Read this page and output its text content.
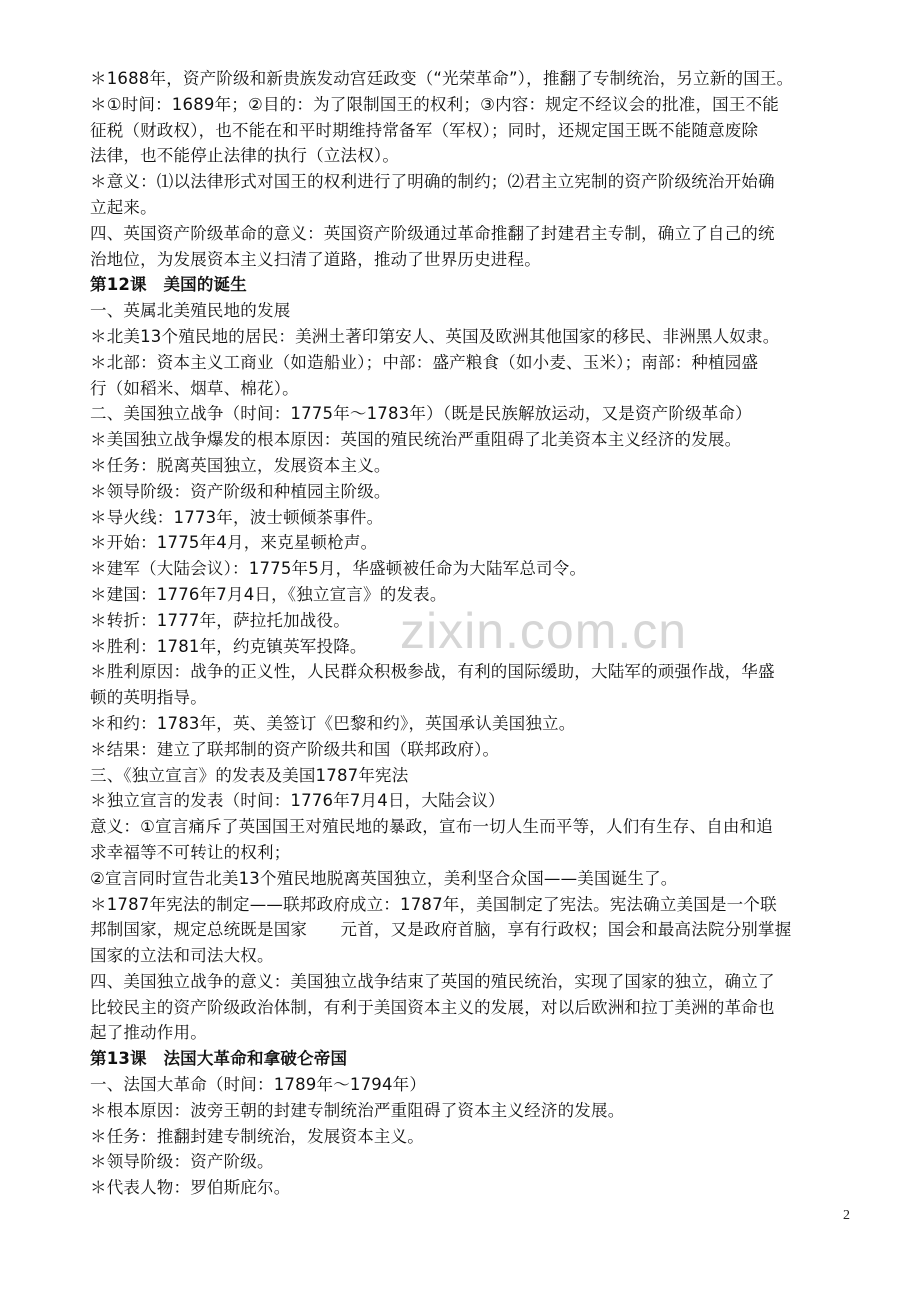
＊1688年，资产阶级和新贵族发动宫廷政变（“光荣革命”），推翻了专制统治，另立新的国王。
＊①时间：1689年；②目的：为了限制国王的权利；③内容：规定不经议会的批准，国王不能
征税（财政权），也不能在和平时期维持常备军（军权）；同时，还规定国王既不能随意废除
法律，也不能停止法律的执行（立法权）。
＊意义：⑴以法律形式对国王的权利进行了明确的制约；⑵君主立宪制的资产阶级统治开始确
立起来。
四、英国资产阶级革命的意义：英国资产阶级通过革命推翻了封建君主专制，确立了自己的统
治地位，为发展资本主义扫清了道路，推动了世界历史进程。
第12课　美国的诞生
一、英属北美殖民地的发展
＊北美13个殖民地的居民：美洲土著印第安人、英国及欧洲其他国家的移民、非洲黑人奴隶。
＊北部：资本主义工商业（如造船业）；中部：盛产粮食（如小麦、玉米）；南部：种植园盛
行（如稻米、烟草、棉花）。
二、美国独立战争（时间：1775年～1783年）（既是民族解放运动，又是资产阶级革命）
＊美国独立战争爆发的根本原因：英国的殖民统治严重阻碍了北美资本主义经济的发展。
＊任务：脱离英国独立，发展资本主义。
＊领导阶级：资产阶级和种植园主阶级。
＊导火线：1773年，波士顿倾茶事件。
＊开始：1775年4月，来克星顿枪声。
＊建军（大陆会议）：1775年5月，华盛顿被任命为大陆军总司令。
＊建国：1776年7月4日，《独立宣言》的发表。
＊转折：1777年，萨拉托加战役。
＊胜利：1781年，约克镇英军投降。
＊胜利原因：战争的正义性，人民群众积极参战，有利的国际缓助，大陆军的顽强作战，华盛
顿的英明指导。
＊和约：1783年，英、美签订《巴黎和约》，英国承认美国独立。
＊结果：建立了联邦制的资产阶级共和国（联邦政府）。
三、《独立宣言》的发表及美国1787年宪法
＊独立宣言的发表（时间：1776年7月4日，大陆会议）
意义：①宣言痛斥了英国国王对殖民地的暴政，宣布一切人生而平等，人们有生存、自由和追
求幸福等不可转让的权利；
②宣言同时宣告北美13个殖民地脱离英国独立，美利坚合众国——美国诞生了。
＊1787年宪法的制定——联邦政府成立：1787年，美国制定了宪法。宪法确立美国是一个联
邦制国家，规定总统既是国家　　元首，又是政府首脑，享有行政权；国会和最高法院分别掌握
国家的立法和司法大权。
四、美国独立战争的意义：美国独立战争结束了英国的殖民统治，实现了国家的独立，确立了
比较民主的资产阶级政治体制，有利于美国资本主义的发展，对以后欧洲和拉丁美洲的革命也
起了推动作用。
第13课　法国大革命和拿破仑帝国
一、法国大革命（时间：1789年～1794年）
＊根本原因：波旁王朝的封建专制统治严重阻碍了资本主义经济的发展。
＊任务：推翻封建专制统治，发展资本主义。
＊领导阶级：资产阶级。
＊代表人物：罗伯斯庇尔。
zixin.com.cn
2
